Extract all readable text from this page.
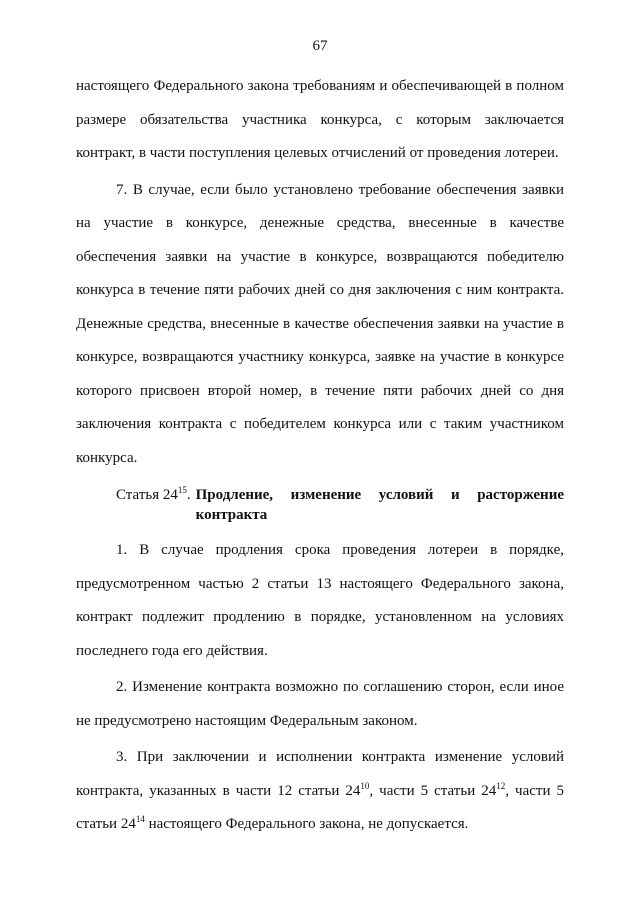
67

настоящего Федерального закона требованиям и обеспечивающей в полном размере обязательства участника конкурса, с которым заключается контракт, в части поступления целевых отчислений от проведения лотереи.

7. В случае, если было установлено требование обеспечения заявки на участие в конкурсе, денежные средства, внесенные в качестве обеспечения заявки на участие в конкурсе, возвращаются победителю конкурса в течение пяти рабочих дней со дня заключения с ним контракта. Денежные средства, внесенные в качестве обеспечения заявки на участие в конкурсе, возвращаются участнику конкурса, заявке на участие в конкурсе которого присвоен второй номер, в течение пяти рабочих дней со дня заключения контракта с победителем конкурса или с таким участником конкурса.

Статья $24^{15}$. Продление, изменение условий и расторжение контракта

1. В случае продления срока проведения лотереи в порядке, предусмотренном частью 2 статьи 13 настоящего Федерального закона, контракт подлежит продлению в порядке, установленном на условиях последнего года его действия.

2. Изменение контракта возможно по соглашению сторон, если иное не предусмотрено настоящим Федеральным законом.

3. При заключении и исполнении контракта изменение условий контракта, указанных в части 12 статьи $24^{10}$, части 5 статьи $24^{12}$, части 5 статьи $24^{14}$ настоящего Федерального закона, не допускается.
